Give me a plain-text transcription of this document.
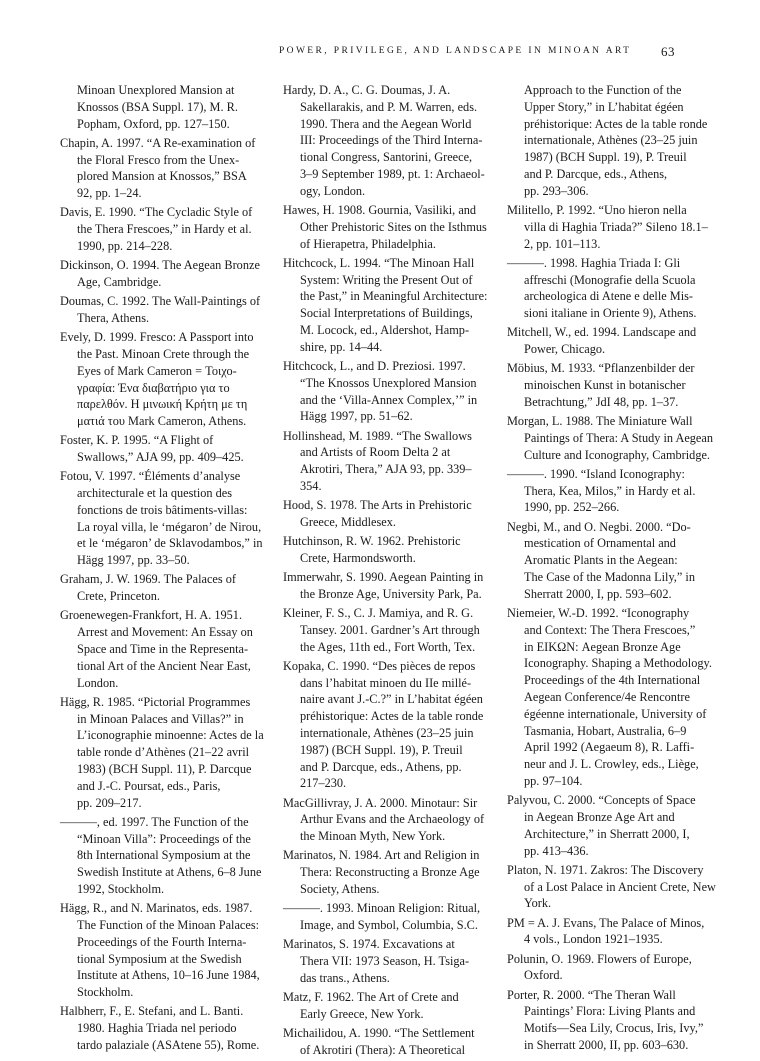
POWER, PRIVILEGE, AND LANDSCAPE IN MINOAN ART	63

Minoan Unexplored Mansion at
Knossos (BSA Suppl. 17), M. R.
Popham, Oxford, pp. 127–150.

Chapin, A. 1997. “A Re-examination of
the Floral Fresco from the Unex-
plored Mansion at Knossos,” BSA
92, pp. 1–24.

Davis, E. 1990. “The Cycladic Style of
the Thera Frescoes,” in Hardy et al.
1990, pp. 214–228.

Dickinson, O. 1994. The Aegean Bronze
Age, Cambridge.

Doumas, C. 1992. The Wall-Paintings of
Thera, Athens.

Evely, D. 1999. Fresco: A Passport into
the Past. Minoan Crete through the
Eyes of Mark Cameron = Τοιχο-
γραφία: Ένα διαβατήριο για το
παρελθόν. Η μινωική Κρήτη με τη
ματιά του Mark Cameron, Athens.

Foster, K. P. 1995. “A Flight of
Swallows,” AJA 99, pp. 409–425.

Fotou, V. 1997. “Éléments d’analyse
architecturale et la question des
fonctions de trois bâtiments-villas:
La royal villa, le ‘mégaron’ de Nirou,
et le ‘mégaron’ de Sklavodambos,” in
Hägg 1997, pp. 33–50.

Graham, J. W. 1969. The Palaces of
Crete, Princeton.

Groenewegen-Frankfort, H. A. 1951.
Arrest and Movement: An Essay on
Space and Time in the Representa-
tional Art of the Ancient Near East,
London.

Hägg, R. 1985. “Pictorial Programmes
in Minoan Palaces and Villas?” in
L’iconographie minoenne: Actes de la
table ronde d’Athènes (21–22 avril
1983) (BCH Suppl. 11), P. Darcque
and J.-C. Poursat, eds., Paris,
pp. 209–217.

———, ed. 1997. The Function of the
“Minoan Villa”: Proceedings of the
8th International Symposium at the
Swedish Institute at Athens, 6–8 June
1992, Stockholm.

Hägg, R., and N. Marinatos, eds. 1987.
The Function of the Minoan Palaces:
Proceedings of the Fourth Interna-
tional Symposium at the Swedish
Institute at Athens, 10–16 June 1984,
Stockholm.

Halbherr, F., E. Stefani, and L. Banti.
1980. Haghia Triada nel periodo
tardo palaziale (ASAtene 55), Rome.

Hardy, D. A., C. G. Doumas, J. A.
Sakellarakis, and P. M. Warren, eds.
1990. Thera and the Aegean World
III: Proceedings of the Third Interna-
tional Congress, Santorini, Greece,
3–9 September 1989, pt. 1: Archaeol-
ogy, London.

Hawes, H. 1908. Gournia, Vasiliki, and
Other Prehistoric Sites on the Isthmus
of Hierapetra, Philadelphia.

Hitchcock, L. 1994. “The Minoan Hall
System: Writing the Present Out of
the Past,” in Meaningful Architecture:
Social Interpretations of Buildings,
M. Locock, ed., Aldershot, Hamp-
shire, pp. 14–44.

Hitchcock, L., and D. Preziosi. 1997.
“The Knossos Unexplored Mansion
and the ‘Villa-Annex Complex,’” in
Hägg 1997, pp. 51–62.

Hollinshead, M. 1989. “The Swallows
and Artists of Room Delta 2 at
Akrotiri, Thera,” AJA 93, pp. 339–
354.

Hood, S. 1978. The Arts in Prehistoric
Greece, Middlesex.

Hutchinson, R. W. 1962. Prehistoric
Crete, Harmondsworth.

Immerwahr, S. 1990. Aegean Painting in
the Bronze Age, University Park, Pa.

Kleiner, F. S., C. J. Mamiya, and R. G.
Tansey. 2001. Gardner’s Art through
the Ages, 11th ed., Fort Worth, Tex.

Kopaka, C. 1990. “Des pièces de repos
dans l’habitat minoen du IIe millé-
naire avant J.-C.?” in L’habitat égéen
préhistorique: Actes de la table ronde
internationale, Athènes (23–25 juin
1987) (BCH Suppl. 19), P. Treuil
and P. Darcque, eds., Athens, pp.
217–230.

MacGillivray, J. A. 2000. Minotaur: Sir
Arthur Evans and the Archaeology of
the Minoan Myth, New York.

Marinatos, N. 1984. Art and Religion in
Thera: Reconstructing a Bronze Age
Society, Athens.

———. 1993. Minoan Religion: Ritual,
Image, and Symbol, Columbia, S.C.

Marinatos, S. 1974. Excavations at
Thera VII: 1973 Season, H. Tsiga-
das trans., Athens.

Matz, F. 1962. The Art of Crete and
Early Greece, New York.

Michailidou, A. 1990. “The Settlement
of Akrotiri (Thera): A Theoretical

Approach to the Function of the
Upper Story,” in L’habitat égéen
préhistorique: Actes de la table ronde
internationale, Athènes (23–25 juin
1987) (BCH Suppl. 19), P. Treuil
and P. Darcque, eds., Athens,
pp. 293–306.

Militello, P. 1992. “Uno hieron nella
villa di Haghia Triada?” Sileno 18.1–
2, pp. 101–113.

———. 1998. Haghia Triada I: Gli
affreschi (Monografie della Scuola
archeologica di Atene e delle Mis-
sioni italiane in Oriente 9), Athens.

Mitchell, W., ed. 1994. Landscape and
Power, Chicago.

Möbius, M. 1933. “Pflanzenbilder der
minoischen Kunst in botanischer
Betrachtung,” JdI 48, pp. 1–37.

Morgan, L. 1988. The Miniature Wall
Paintings of Thera: A Study in Aegean
Culture and Iconography, Cambridge.

———. 1990. “Island Iconography:
Thera, Kea, Milos,” in Hardy et al.
1990, pp. 252–266.

Negbi, M., and O. Negbi. 2000. “Do-
mestication of Ornamental and
Aromatic Plants in the Aegean:
The Case of the Madonna Lily,” in
Sherratt 2000, I, pp. 593–602.

Niemeier, W.-D. 1992. “Iconography
and Context: The Thera Frescoes,”
in ΕΙΚΩΝ: Aegean Bronze Age
Iconography. Shaping a Methodology.
Proceedings of the 4th International
Aegean Conference/4e Rencontre
égéenne internationale, University of
Tasmania, Hobart, Australia, 6–9
April 1992 (Aegaeum 8), R. Laffi-
neur and J. L. Crowley, eds., Liège,
pp. 97–104.

Palyvou, C. 2000. “Concepts of Space
in Aegean Bronze Age Art and
Architecture,” in Sherratt 2000, I,
pp. 413–436.

Platon, N. 1971. Zakros: The Discovery
of a Lost Palace in Ancient Crete, New
York.

PM = A. J. Evans, The Palace of Minos,
4 vols., London 1921–1935.

Polunin, O. 1969. Flowers of Europe,
Oxford.

Porter, R. 2000. “The Theran Wall
Paintings’ Flora: Living Plants and
Motifs—Sea Lily, Crocus, Iris, Ivy,”
in Sherratt 2000, II, pp. 603–630.
